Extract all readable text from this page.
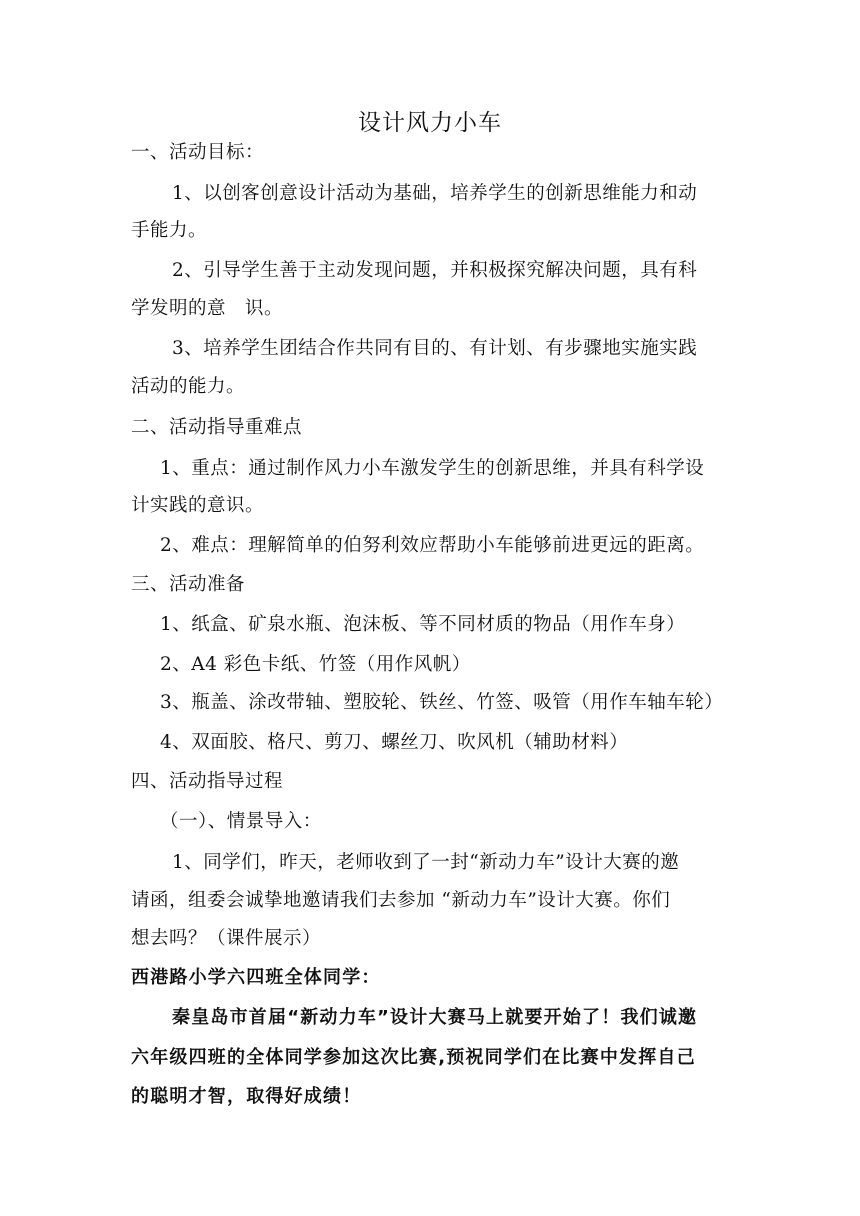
设计风力小车
一、活动目标：
1、以创客创意设计活动为基础，培养学生的创新思维能力和动
手能力。
2、引导学生善于主动发现问题，并积极探究解决问题，具有科
学发明的意　识。
3、培养学生团结合作共同有目的、有计划、有步骤地实施实践
活动的能力。
二、活动指导重难点
1、重点：通过制作风力小车激发学生的创新思维，并具有科学设
计实践的意识。
2、难点：理解简单的伯努利效应帮助小车能够前进更远的距离。
三、活动准备
1、纸盒、矿泉水瓶、泡沫板、等不同材质的物品（用作车身）
2、A4 彩色卡纸、竹签（用作风帆）
3、瓶盖、涂改带轴、塑胶轮、铁丝、竹签、吸管（用作车轴车轮）
4、双面胶、格尺、剪刀、螺丝刀、吹风机（辅助材料）
四、活动指导过程
（一）、情景导入：
1、同学们，昨天，老师收到了一封“新动力车”设计大赛的邀
请函，组委会诚挚地邀请我们去参加 “新动力车”设计大赛。你们
想去吗？（课件展示）
西港路小学六四班全体同学：
秦皇岛市首届“新动力车”设计大赛马上就要开始了！我们诚邀
六年级四班的全体同学参加这次比赛,预祝同学们在比赛中发挥自己
的聪明才智，取得好成绩！
